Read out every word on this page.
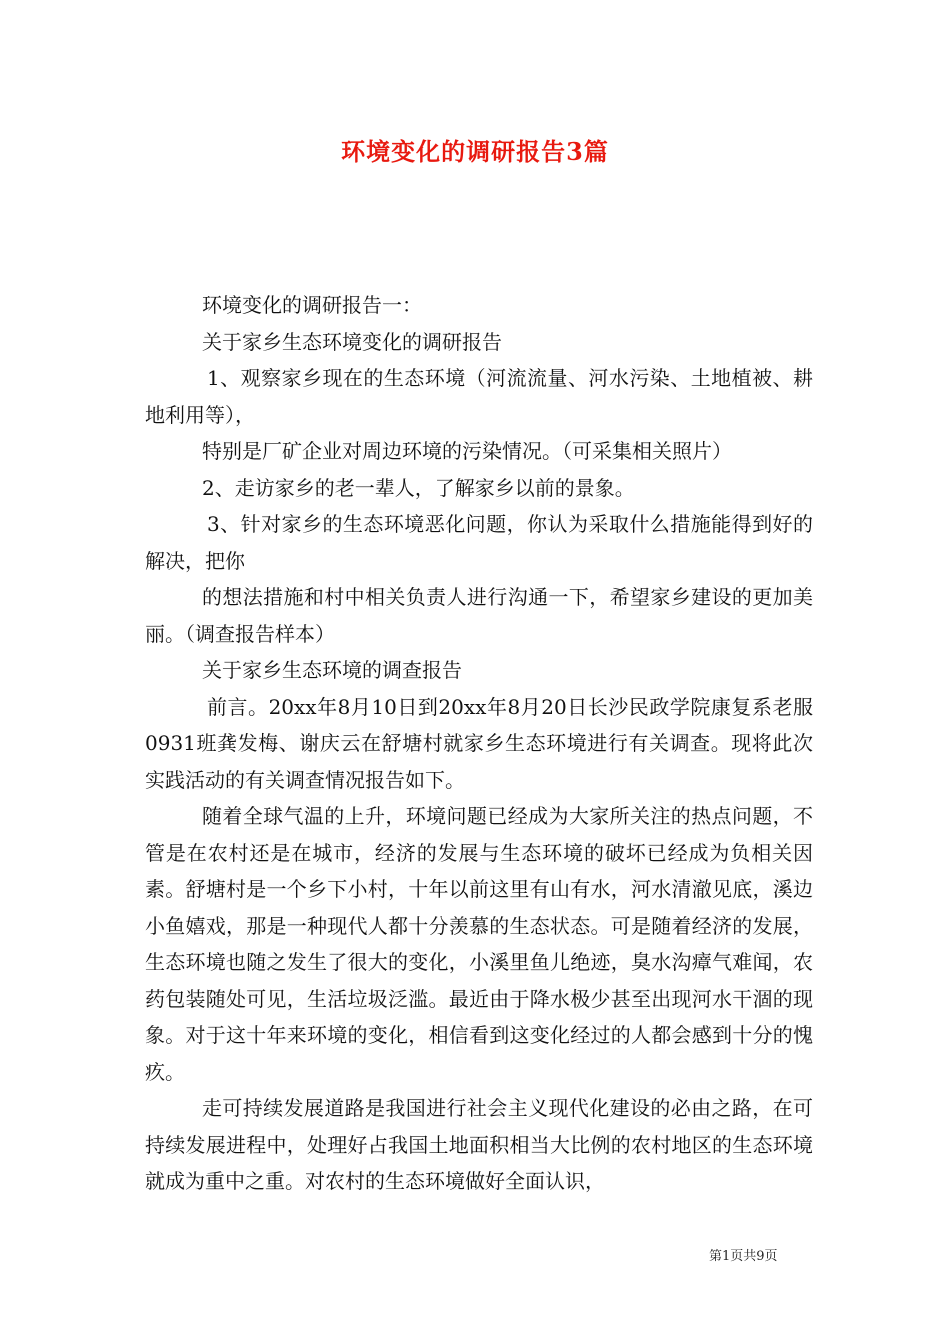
环境变化的调研报告3篇

环境变化的调研报告一：

关于家乡生态环境变化的调研报告

1、观察家乡现在的生态环境（河流流量、河水污染、土地植被、耕地利用等），

特别是厂矿企业对周边环境的污染情况。（可采集相关照片）

2、走访家乡的老一辈人，了解家乡以前的景象。

3、针对家乡的生态环境恶化问题，你认为采取什么措施能得到好的解决，把你

的想法措施和村中相关负责人进行沟通一下，希望家乡建设的更加美丽。（调查报告样本）

关于家乡生态环境的调查报告

前言。20xx年8月10日到20xx年8月20日长沙民政学院康复系老服0931班龚发梅、谢庆云在舒塘村就家乡生态环境进行有关调查。现将此次实践活动的有关调查情况报告如下。

随着全球气温的上升，环境问题已经成为大家所关注的热点问题，不管是在农村还是在城市，经济的发展与生态环境的破坏已经成为负相关因素。舒塘村是一个乡下小村，十年以前这里有山有水，河水清澈见底，溪边小鱼嬉戏，那是一种现代人都十分羡慕的生态状态。可是随着经济的发展，生态环境也随之发生了很大的变化，小溪里鱼儿绝迹，臭水沟瘴气难闻，农药包装随处可见，生活垃圾泛滥。最近由于降水极少甚至出现河水干涸的现象。对于这十年来环境的变化，相信看到这变化经过的人都会感到十分的愧疚。

走可持续发展道路是我国进行社会主义现代化建设的必由之路，在可持续发展进程中，处理好占我国土地面积相当大比例的农村地区的生态环境就成为重中之重。对农村的生态环境做好全面认识，

第1页共9页
